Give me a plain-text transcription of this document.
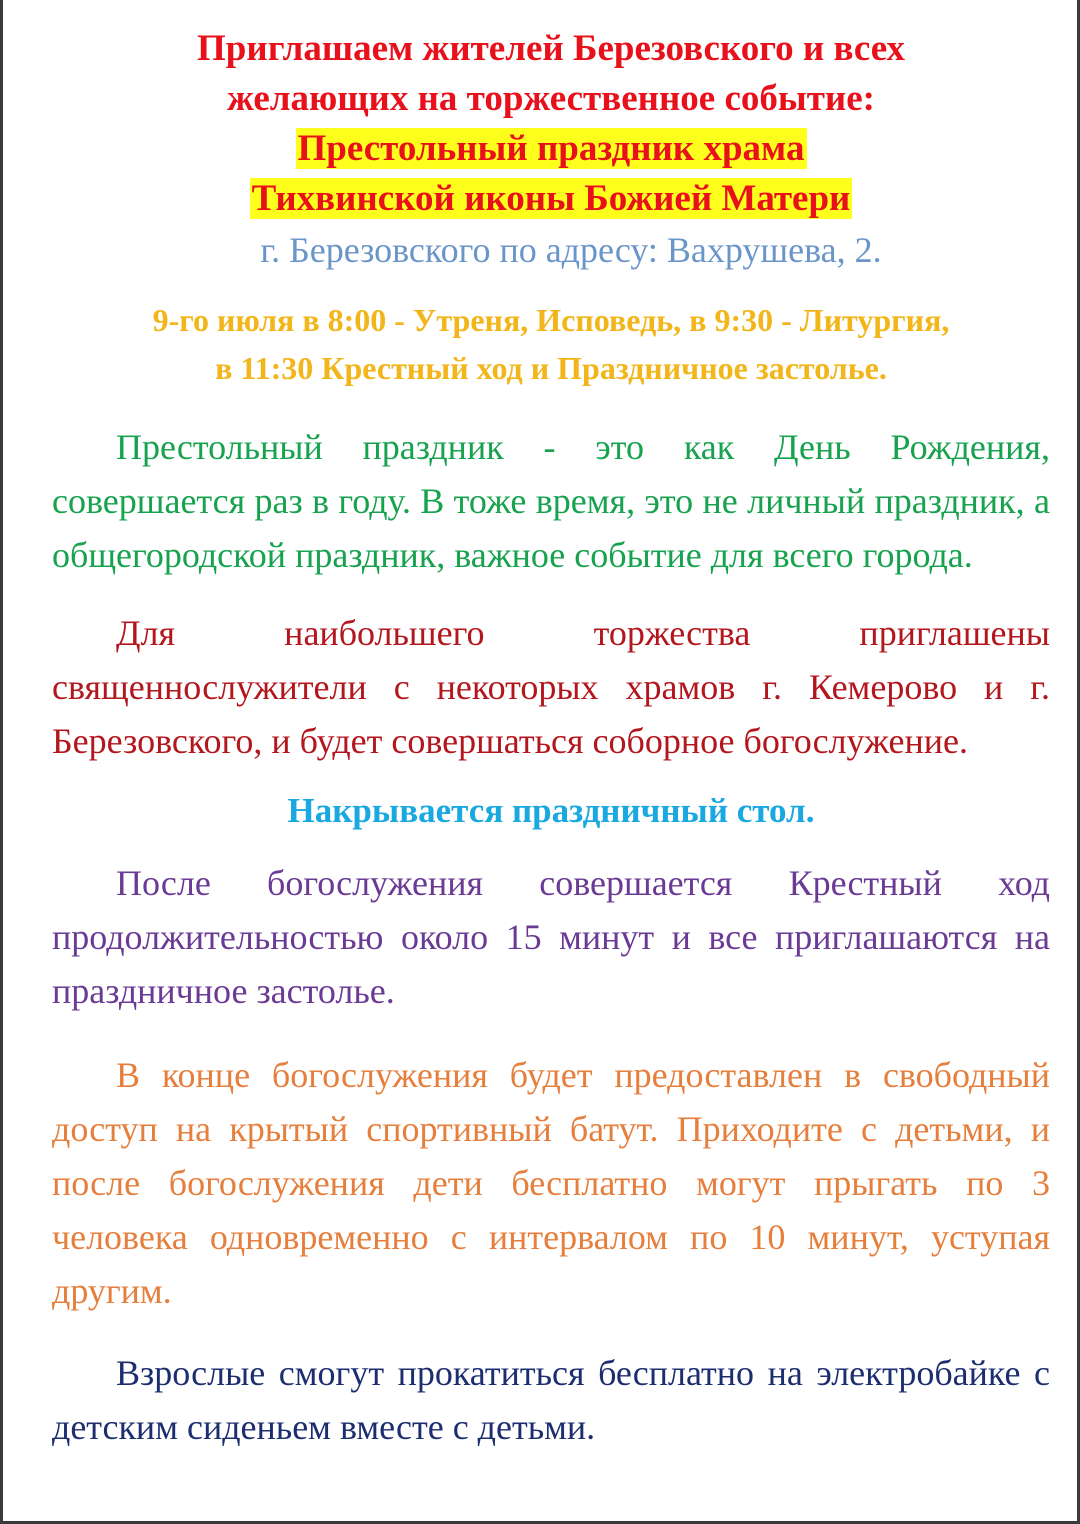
Приглашаем жителей Березовского и всех

желающих на торжественное событие:

Престольный праздник храма

Тихвинской иконы Божией Матери

г. Березовского по адресу: Вахрушева, 2.

9-го июля в 8:00 - Утреня, Исповедь, в 9:30 - Литургия,

в 11:30 Крестный ход и Праздничное застолье.

Престольный праздник - это как День Рождения, совершается раз в году. В тоже время, это не личный праздник, а общегородской праздник, важное событие для всего города.

Для наибольшего торжества приглашены священнослужители с некоторых храмов г. Кемерово и г. Березовского, и будет совершаться соборное богослужение.

Накрывается праздничный стол.

После богослужения совершается Крестный ход продолжительностью около 15 минут и все приглашаются на праздничное застолье.

В конце богослужения будет предоставлен в свободный доступ на крытый спортивный батут. Приходите с детьми, и после богослужения дети бесплатно могут прыгать по 3 человека одновременно с интервалом по 10 минут, уступая другим.

Взрослые смогут прокатиться бесплатно на электробайке с детским сиденьем вместе с детьми.
